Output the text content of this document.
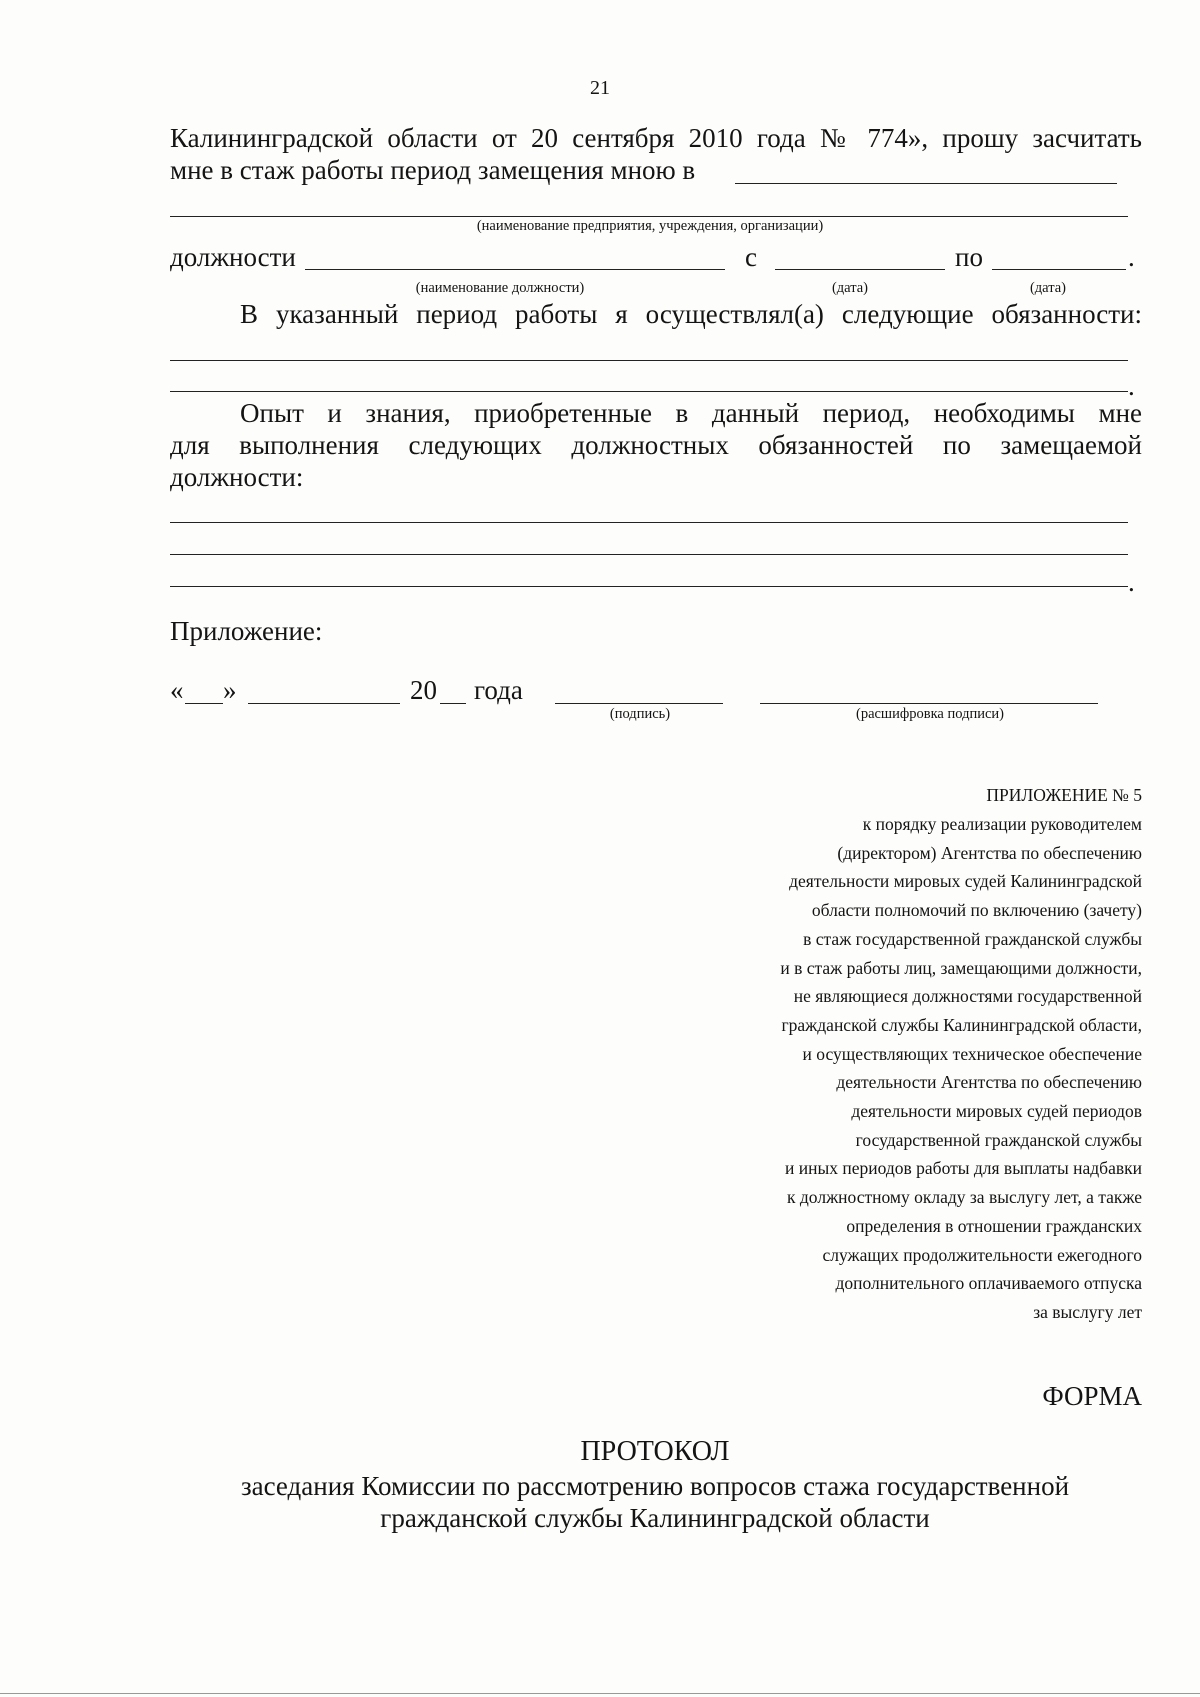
21
Калининградской области от 20 сентября 2010 года № 774», прошу засчитать
мне в стаж работы период замещения мною в
(наименование предприятия, учреждения, организации)
должности	с	по	.
(наименование должности)	(дата)	(дата)
В указанный период работы я осуществлял(а) следующие обязанности:
.
Опыт и знания, приобретенные в данный период, необходимы мне
для выполнения следующих должностных обязанностей по замещаемой
должности:
.
Приложение:
« »	20 года
(подпись)	(расшифровка подписи)
ПРИЛОЖЕНИЕ № 5
к порядку реализации руководителем
(директором) Агентства по обеспечению
деятельности мировых судей Калининградской
области полномочий по включению (зачету)
в стаж государственной гражданской службы
и в стаж работы лиц, замещающими должности,
не являющиеся должностями государственной
гражданской службы Калининградской области,
и осуществляющих техническое обеспечение
деятельности Агентства по обеспечению
деятельности мировых судей периодов
государственной гражданской службы
и иных периодов работы для выплаты надбавки
к должностному окладу за выслугу лет, а также
определения в отношении гражданских
служащих продолжительности ежегодного
дополнительного оплачиваемого отпуска
за выслугу лет
ФОРМА
ПРОТОКОЛ
заседания Комиссии по рассмотрению вопросов стажа государственной
гражданской службы Калининградской области
